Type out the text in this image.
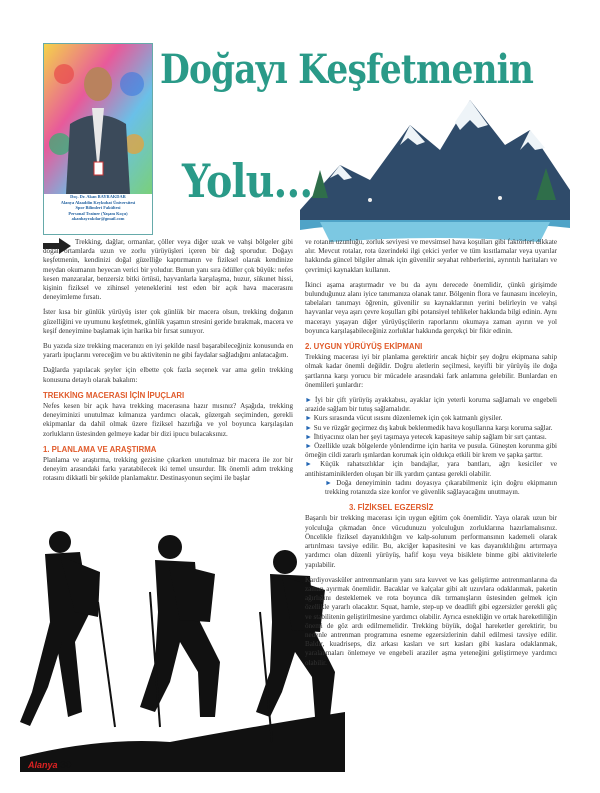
Doç. Dr. Akan BAYRAKDAR
Alanya Alaaddin Keykubat Üniversitesi
Spor Bilimleri Fakültesi
Personal Trainer (Yaşam Koçu)
akanbayrakdar@gmail.com
Doğayı Keşfetmenin
Yolu...

Trekking, dağlar, ormanlar, çöller veya diğer uzak ve vahşi bölgeler gibi doğal ortamlarda uzun ve zorlu yürüyüşleri içeren bir dağ sporudur. Doğayı keşfetmenin, kendinizi doğal güzelliğe kaptırmanın ve fiziksel olarak kendinize meydan okumanın heyecan verici bir yoludur. Bunun yanı sıra ödüller çok büyük: nefes kesen manzaralar, benzersiz bitki örtüsü, hayvanlarla karşılaşma, huzur, sükunet hissi, kişinin fiziksel ve zihinsel yeteneklerini test eden bir açık hava macerasını deneyimleme fırsatı.

İster kısa bir günlük yürüyüş ister çok günlük bir macera olsun, trekking doğanın güzelliğini ve uyumunu keşfetmek, günlük yaşamın stresini geride bırakmak, macera ve keşif deneyimine başlamak için harika bir fırsat sunuyor.

Bu yazıda size trekking maceranızı en iyi şekilde nasıl başarabileceğiniz konusunda en yararlı ipuçlarını vereceğim ve bu aktivitenin ne gibi faydalar sağladığını anlatacağım.

Dağlarda yapılacak şeyler için elbette çok fazla seçenek var ama gelin trekking konusuna detaylı olarak bakalım:

TREKKİNG MACERASI İÇİN İPUÇLARI

Nefes kesen bir açık hava trekking macerasına hazır mısınız? Aşağıda, trekking deneyiminizi unutulmaz kılmanıza yardımcı olacak, güzergah seçiminden, gerekli ekipmanlar da dahil olmak üzere fiziksel hazırlığa ve yol boyunca karşılaşılan zorlukların üstesinden gelmeye kadar bir dizi ipucu bulacaksınız.

1. PLANLAMA VE ARAŞTIRMA

Planlama ve araştırma, trekking gezisine çıkarken unutulmaz bir macera ile zor bir deneyim arasındaki farkı yaratabilecek iki temel unsurdur. İlk önemli adım trekking rotasını dikkatli bir şekilde planlamaktır. Destinasyonun seçimi ile başlar

ve rotanın uzunluğu, zorluk seviyesi ve mevsimsel hava koşulları gibi faktörleri dikkate alır. Mevcut rotalar, rota üzerindeki ilgi çekici yerler ve tüm kısıtlamalar veya uyarılar hakkında güncel bilgiler almak için güvenilir seyahat rehberlerini, ayrıntılı haritaları ve çevrimiçi kaynakları kullanın.

İkinci aşama araştırmadır ve bu da aynı derecede önemlidir, çünkü girişimde bulunduğunuz alanı iyice tanımanıza olanak tanır. Bölgenin flora ve faunasını inceleyin, tabelaları tanımayı öğrenin, güvenilir su kaynaklarının yerini belirleyin ve vahşi hayvanlar veya aşırı çevre koşulları gibi potansiyel tehlikeler hakkında bilgi edinin. Aynı macerayı yaşayan diğer yürüyüşçülerin raporlarını okumaya zaman ayırın ve yol boyunca karşılaşabileceğiniz zorluklar hakkında gerçekçi bir fikir edinin.

2. UYGUN YÜRÜYÜŞ EKİPMANI

Trekking macerası iyi bir planlama gerektirir ancak hiçbir şey doğru ekipmana sahip olmak kadar önemli değildir. Doğru aletlerin seçilmesi, keyifli bir yürüyüş ile doğa şartlarına karşı yorucu bir mücadele arasındaki fark anlamına gelebilir. Bunlardan en önemlileri şunlardır:

► İyi bir çift yürüyüş ayakkabısı, ayaklar için yeterli koruma sağlamalı ve engebeli arazide sağlam bir tutuş sağlamalıdır.
► Kurs sırasında vücut ısısını düzenlemek için çok katmanlı giysiler.
► Su ve rüzgâr geçirmez dış kabuk beklenmedik hava koşullarına karşı koruma sağlar.
► İhtiyacınız olan her şeyi taşımaya yetecek kapasiteye sahip sağlam bir sırt çantası.
► Özellikle uzak bölgelerde yönlendirme için harita ve pusula. Güneşten korunma gibi örneğin cildi zararlı ışınlardan korumak için oldukça etkili bir krem ve şapka şarttır.
► Küçük rahatsızlıklar için bandajlar, yara bantları, ağrı kesiciler ve antihistaminiklerden oluşan bir ilk yardım çantası gerekli olabilir.
► Doğa deneyiminin tadını doyasıya çıkarabilmeniz için doğru ekipmanın trekking rotanızda size konfor ve güvenlik sağlayacağını unutmayın.
3. FİZİKSEL EGZERSİZ

Başarılı bir trekking macerası için uygun eğitim çok önemlidir. Yaya olarak uzun bir yolculuğa çıkmadan önce vücudunuzu yolculuğun zorluklarına hazırlamalısınız. Öncelikle fiziksel dayanıklılığın ve kalp-solunum performansının kademeli olarak artırılması tavsiye edilir. Bu, akciğer kapasitesini ve kas dayanıklılığını artırmaya yardımcı olan düzenli yürüyüş, hafif koşu veya bisiklete binme gibi aktivitelerle yapılabilir.

Kardiyovasküler antrenmanların yanı sıra kuvvet ve kas geliştirme antrenmanlarına da zaman ayırmak önemlidir. Bacaklar ve kalçalar gibi alt uzuvlara odaklanmak, paketin ağırlığını desteklemek ve rota boyunca dik tırmanışların üstesinden gelmek için özellikle yararlı olacaktır. Squat, hamle, step-up ve deadlift gibi egzersizler gerekli güç ve stabilitenin geliştirilmesine yardımcı olabilir. Ayrıca esnekliğin ve ortak hareketliliğin önemi de göz ardı edilmemelidir. Trekking büyük, doğal hareketler gerektirir, bu nedenle antrenman programına esneme egzersizlerinin dahil edilmesi tavsiye edilir. Baldır, kuadriseps, diz arkası kasları ve sırt kasları gibi kaslara odaklanmak, yaralanmaları önlemeye ve engebeli araziler aşma yeteneğini geliştirmeye yardımcı olabilir.

Alanya 30
